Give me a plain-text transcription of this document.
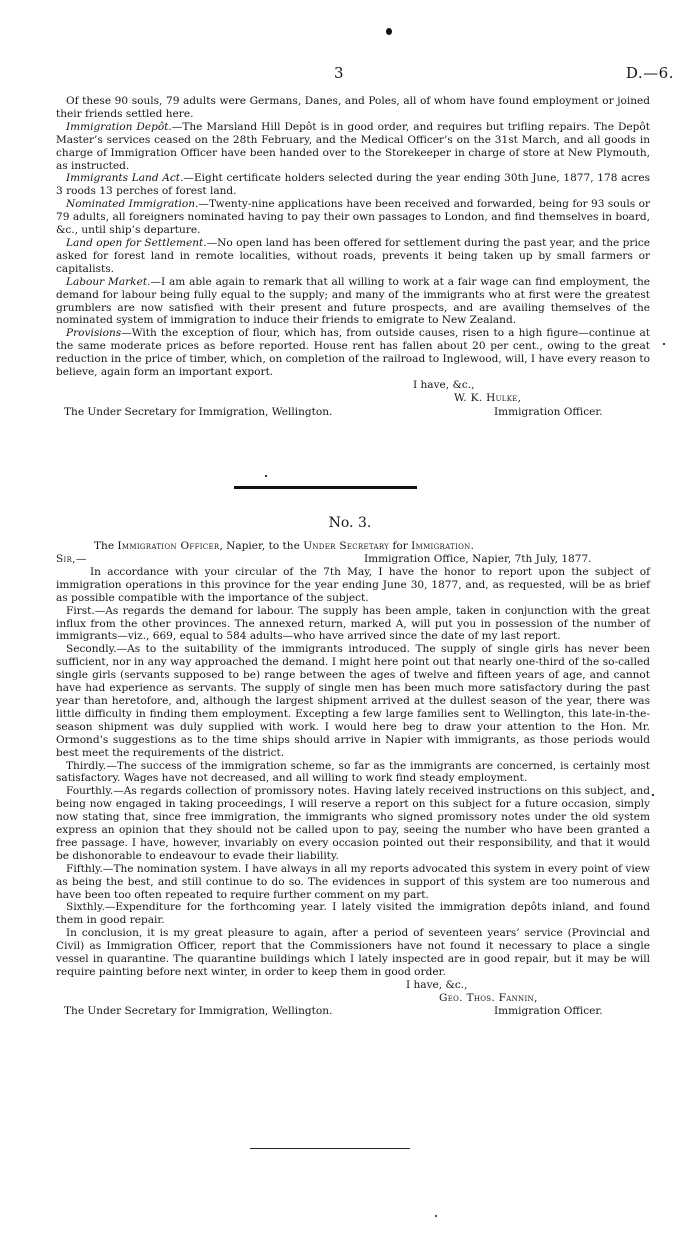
3	D.—6.

Of these 90 souls, 79 adults were Germans, Danes, and Poles, all of whom have found employment or joined their friends settled here.

Immigration Depôt.—The Marsland Hill Depôt is in good order, and requires but trifling repairs. The Depôt Master’s services ceased on the 28th February, and the Medical Officer’s on the 31st March, and all goods in charge of Immigration Officer have been handed over to the Storekeeper in charge of store at New Plymouth, as instructed.

Immigrants Land Act.—Eight certificate holders selected during the year ending 30th June, 1877, 178 acres 3 roods 13 perches of forest land.

Nominated Immigration.—Twenty-nine applications have been received and forwarded, being for 93 souls or 79 adults, all foreigners nominated having to pay their own passages to London, and find themselves in board, &c., until ship’s departure.

Land open for Settlement.—No open land has been offered for settlement during the past year, and the price asked for forest land in remote localities, without roads, prevents it being taken up by small farmers or capitalists.

Labour Market.—I am able again to remark that all willing to work at a fair wage can find employment, the demand for labour being fully equal to the supply; and many of the immigrants who at first were the greatest grumblers are now satisfied with their present and future prospects, and are availing themselves of the nominated system of immigration to induce their friends to emigrate to New Zealand.

Provisions—With the exception of flour, which has, from outside causes, risen to a high figure—continue at the same moderate prices as before reported. House rent has fallen about 20 per cent., owing to the great reduction in the price of timber, which, on completion of the railroad to Inglewood, will, I have every reason to believe, again form an important export.

I have, &c.,
W. K. Hulke,
Immigration Officer.
The Under Secretary for Immigration, Wellington.
No. 3.

The Immigration Officer, Napier, to the Under Secretary for Immigration.

Sir,—	Immigration Office, Napier, 7th July, 1877.

In accordance with your circular of the 7th May, I have the honor to report upon the subject of immigration operations in this province for the year ending June 30, 1877, and, as requested, will be as brief as possible compatible with the importance of the subject.

First.—As regards the demand for labour. The supply has been ample, taken in conjunction with the great influx from the other provinces. The annexed return, marked A, will put you in possession of the number of immigrants—viz., 669, equal to 584 adults—who have arrived since the date of my last report.

Secondly.—As to the suitability of the immigrants introduced. The supply of single girls has never been sufficient, nor in any way approached the demand. I might here point out that nearly one-third of the so-called single girls (servants supposed to be) range between the ages of twelve and fifteen years of age, and cannot have had experience as servants. The supply of single men has been much more satisfactory during the past year than heretofore, and, although the largest shipment arrived at the dullest season of the year, there was little difficulty in finding them employment. Excepting a few large families sent to Wellington, this late-in-the-season shipment was duly supplied with work. I would here beg to draw your attention to the Hon. Mr. Ormond’s suggestions as to the time ships should arrive in Napier with immigrants, as those periods would best meet the requirements of the district.

Thirdly.—The success of the immigration scheme, so far as the immigrants are concerned, is certainly most satisfactory. Wages have not decreased, and all willing to work find steady employment.

Fourthly.—As regards collection of promissory notes. Having lately received instructions on this subject, and being now engaged in taking proceedings, I will reserve a report on this subject for a future occasion, simply now stating that, since free immigration, the immigrants who signed promissory notes under the old system express an opinion that they should not be called upon to pay, seeing the number who have been granted a free passage. I have, however, invariably on every occasion pointed out their responsibility, and that it would be dishonorable to endeavour to evade their liability.

Fifthly.—The nomination system. I have always in all my reports advocated this system in every point of view as being the best, and still continue to do so. The evidences in support of this system are too numerous and have been too often repeated to require further comment on my part.

Sixthly.—Expenditure for the forthcoming year. I lately visited the immigration depôts inland, and found them in good repair.

In conclusion, it is my great pleasure to again, after a period of seventeen years’ service (Provincial and Civil) as Immigration Officer, report that the Commissioners have not found it necessary to place a single vessel in quarantine. The quarantine buildings which I lately inspected are in good repair, but it may be will require painting before next winter, in order to keep them in good order.

I have, &c.,
Geo. Thos. Fannin,
Immigration Officer.
The Under Secretary for Immigration, Wellington.
